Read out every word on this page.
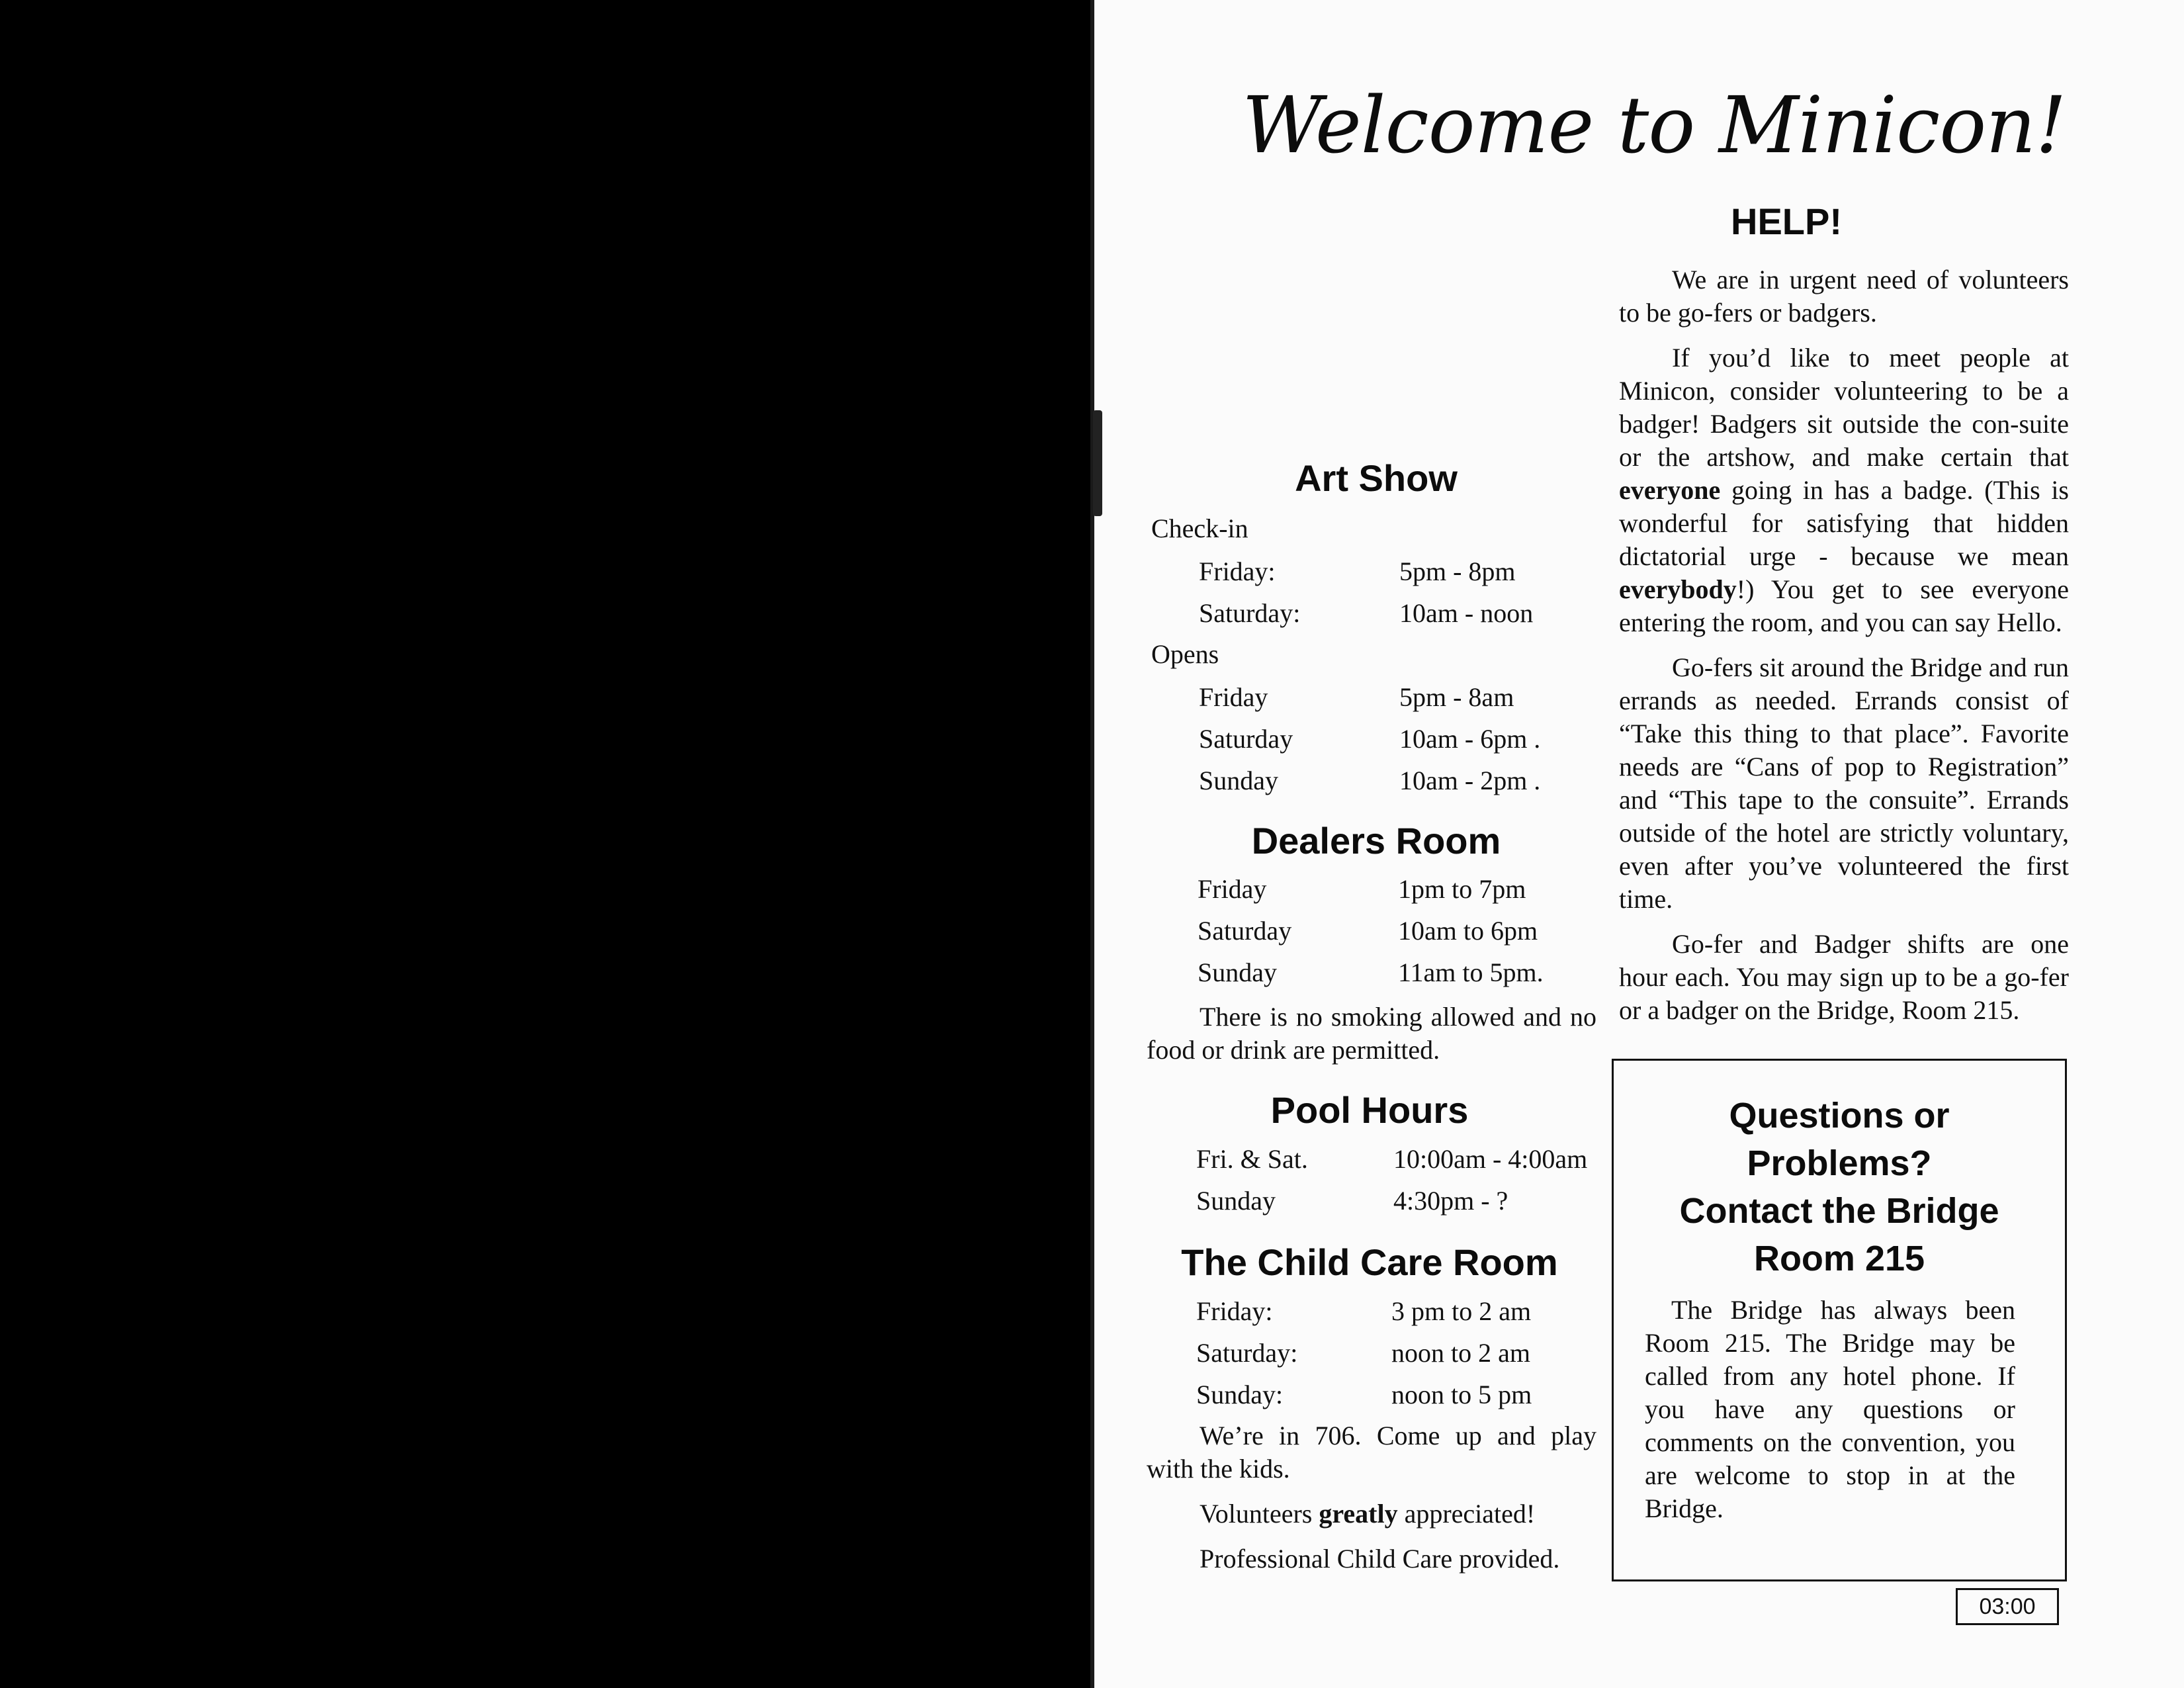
Welcome to Minicon!
HELP!

We are in urgent need of volunteers to be go-fers or badgers.

If you’d like to meet people at Minicon, consider volunteering to be a badger! Badgers sit outside the con-suite or the artshow, and make certain that everyone going in has a badge. (This is wonderful for satisfying that hidden dictatorial urge - because we mean everybody!) You get to see everyone entering the room, and you can say Hello.

Go-fers sit around the Bridge and run errands as needed. Errands consist of “Take this thing to that place”. Favorite needs are “Cans of pop to Registration” and “This tape to the consuite”. Errands outside of the hotel are strictly voluntary, even after you’ve volunteered the first time.

Go-fer and Badger shifts are one hour each. You may sign up to be a go-fer or a badger on the Bridge, Room 215.

Art Show
Check-in
Friday:	5pm - 8pm
Saturday:	10am - noon
Opens
Friday	5pm - 8am
Saturday	10am - 6pm .
Sunday	10am - 2pm .
Dealers Room
Friday	1pm to 7pm
Saturday	10am to 6pm
Sunday	11am to 5pm.

There is no smoking allowed and no food or drink are permitted.

Pool Hours
Fri. & Sat.	10:00am - 4:00am
Sunday	4:30pm - ?
The Child Care Room
Friday:	3 pm to 2 am
Saturday:	noon to 2 am
Sunday:	noon to 5 pm

We’re in 706. Come up and play with the kids.

Volunteers greatly appreciated!

Professional Child Care provided.

Questions or
Problems?
Contact the Bridge
Room 215

The Bridge has always been Room 215. The Bridge may be called from any hotel phone. If you have any questions or comments on the convention, you are welcome to stop in at the Bridge.

03:00
